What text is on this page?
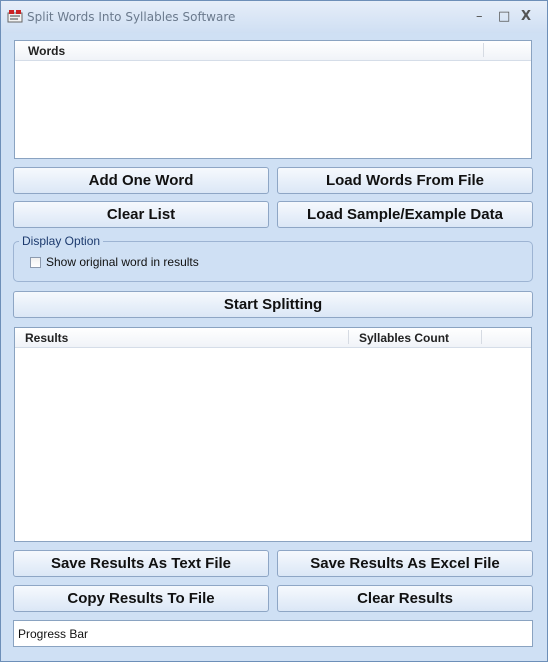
Split Words Into Syllables Software	– □ X
Words
Add One Word	Load Words From File
Clear List	Load Sample/Example Data
Display Option
Show original word in results
Start Splitting
Results	Syllables Count
Save Results As Text File	Save Results As Excel File
Copy Results To File	Clear Results
Progress Bar
